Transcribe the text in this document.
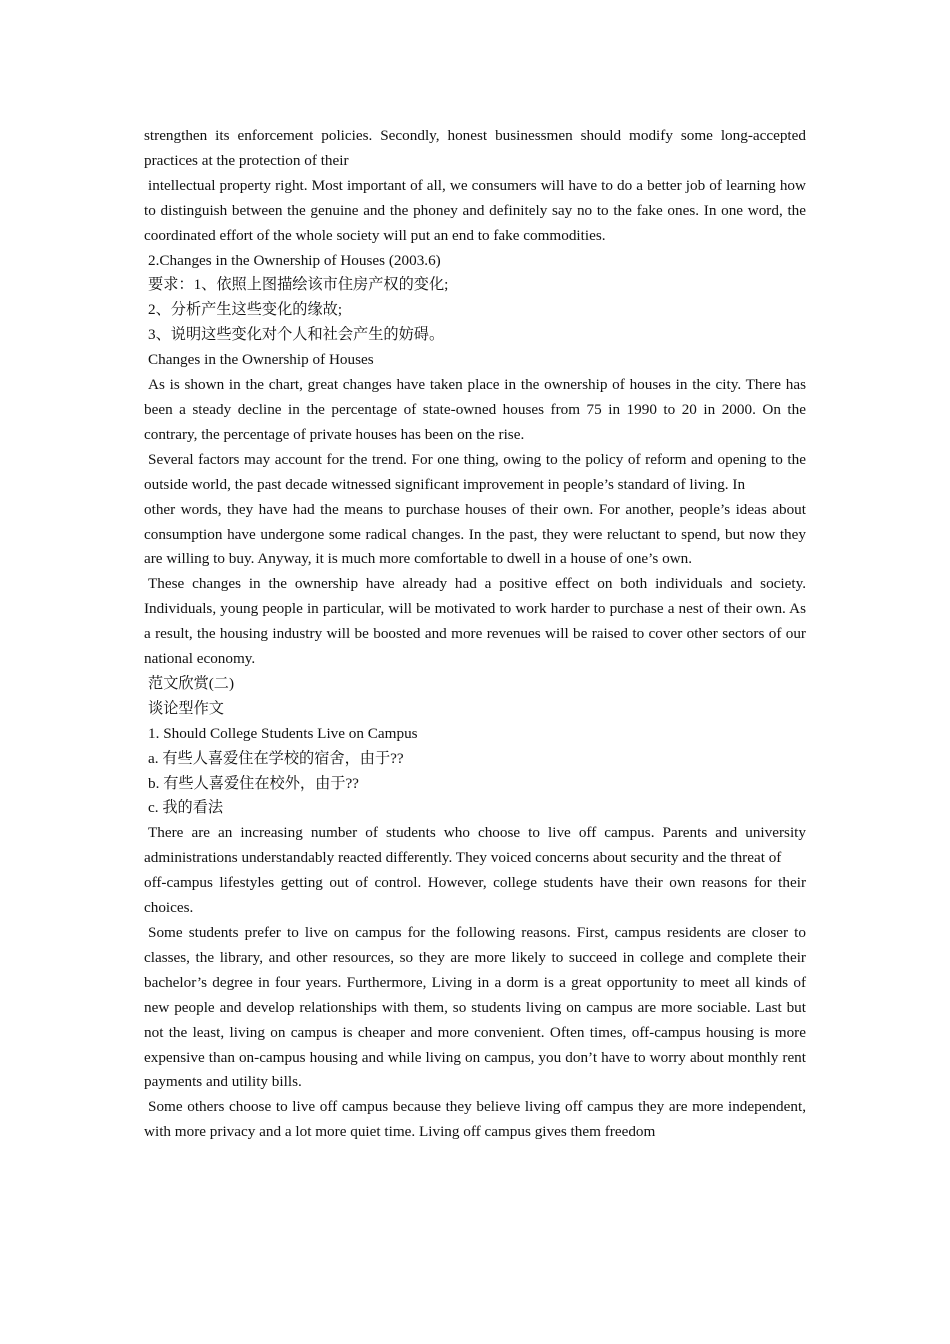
strengthen its enforcement policies. Secondly, honest businessmen should modify some long-accepted practices at the protection of their

intellectual property right. Most important of all, we consumers will have to do a better job of learning how to distinguish between the genuine and the phoney and definitely say no to the fake ones. In one word, the coordinated effort of the whole society will put an end to fake commodities.

2.Changes in the Ownership of Houses (2003.6)

要求：1、依照上图描绘该市住房产权的变化;

2、分析产生这些变化的缘故;

3、说明这些变化对个人和社会产生的妨碍。

Changes in the Ownership of Houses

As is shown in the chart, great changes have taken place in the ownership of houses in the city. There has been a steady decline in the percentage of state-owned houses from 75 in 1990 to 20 in 2000. On the contrary, the percentage of private houses has been on the rise.

Several factors may account for the trend. For one thing, owing to the policy of reform and opening to the outside world, the past decade witnessed significant improvement in people’s standard of living. In

other words, they have had the means to purchase houses of their own. For another, people’s ideas about consumption have undergone some radical changes. In the past, they were reluctant to spend, but now they are willing to buy. Anyway, it is much more comfortable to dwell in a house of one’s own.

These changes in the ownership have already had a positive effect on both individuals and society. Individuals, young people in particular, will be motivated to work harder to purchase a nest of their own. As a result, the housing industry will be boosted and more revenues will be raised to cover other sectors of our national economy.

范文欣赏(二)

谈论型作文

1. Should College Students Live on Campus

a. 有些人喜爱住在学校的宿舍，由于??

b. 有些人喜爱住在校外，由于??

c. 我的看法

There are an increasing number of students who choose to live off campus. Parents and university administrations understandably reacted differently. They voiced concerns about security and the threat of

off-campus lifestyles getting out of control. However, college students have their own reasons for their choices.

Some students prefer to live on campus for the following reasons. First, campus residents are closer to classes, the library, and other resources, so they are more likely to succeed in college and complete their bachelor’s degree in four years. Furthermore, Living in a dorm is a great opportunity to meet all kinds of new people and develop relationships with them, so students living on campus are more sociable. Last but not the least, living on campus is cheaper and more convenient. Often times, off-campus housing is more expensive than on-campus housing and while living on campus, you don’t have to worry about monthly rent payments and utility bills.

Some others choose to live off campus because they believe living off campus they are more independent, with more privacy and a lot more quiet time. Living off campus gives them freedom
